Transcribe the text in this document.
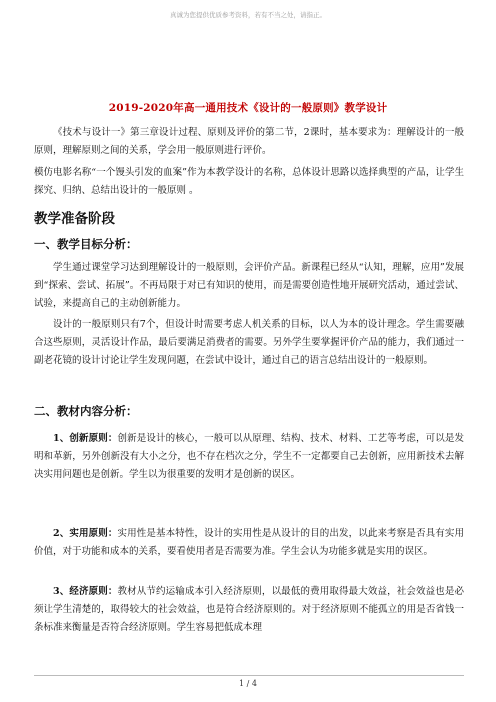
真诚为您提供优质参考资料，若有不当之处，请指正。
2019-2020年高一通用技术《设计的一般原则》教学设计
《技术与设计一》第三章设计过程、原则及评价的第二节，2课时，基本要求为：理解设计的一般原则，理解原则之间的关系，学会用一般原则进行评价。
模仿电影名称“一个馒头引发的血案”作为本教学设计的名称，总体设计思路以选择典型的产品，让学生探究、归纳、总结出设计的一般原则 。
教学准备阶段
一、教学目标分析：
学生通过课堂学习达到理解设计的一般原则，会评价产品。新课程已经从“认知，理解，应用”发展到“探索、尝试、拓展”。不再局限于对已有知识的使用，而是需要创造性地开展研究活动，通过尝试、试验，来提高自己的主动创新能力。
设计的一般原则只有7个，但设计时需要考虑人机关系的目标，以人为本的设计理念。学生需要融合这些原则，灵活设计作品，最后要满足消费者的需要。另外学生要掌握评价产品的能力，我们通过一副老花镜的设计讨论让学生发现问题，在尝试中设计，通过自己的语言总结出设计的一般原则。
二、教材内容分析：
1、创新原则：创新是设计的核心，一般可以从原理、结构、技术、材料、工艺等考虑，可以是发明和革新，另外创新没有大小之分，也不存在档次之分，学生不一定都要自己去创新，应用新技术去解决实用问题也是创新。学生以为很重要的发明才是创新的误区。
2、实用原则：实用性是基本特性，设计的实用性是从设计的目的出发，以此来考察是否具有实用价值，对于功能和成本的关系，要看使用者是否需要为准。学生会认为功能多就是实用的误区。
3、经济原则：教材从节约运输成本引入经济原则，以最低的费用取得最大效益，社会效益也是必须让学生清楚的，取得较大的社会效益，也是符合经济原则的。对于经济原则不能孤立的用是否省钱一条标准来衡量是否符合经济原则。学生容易把低成本理
1 / 4
